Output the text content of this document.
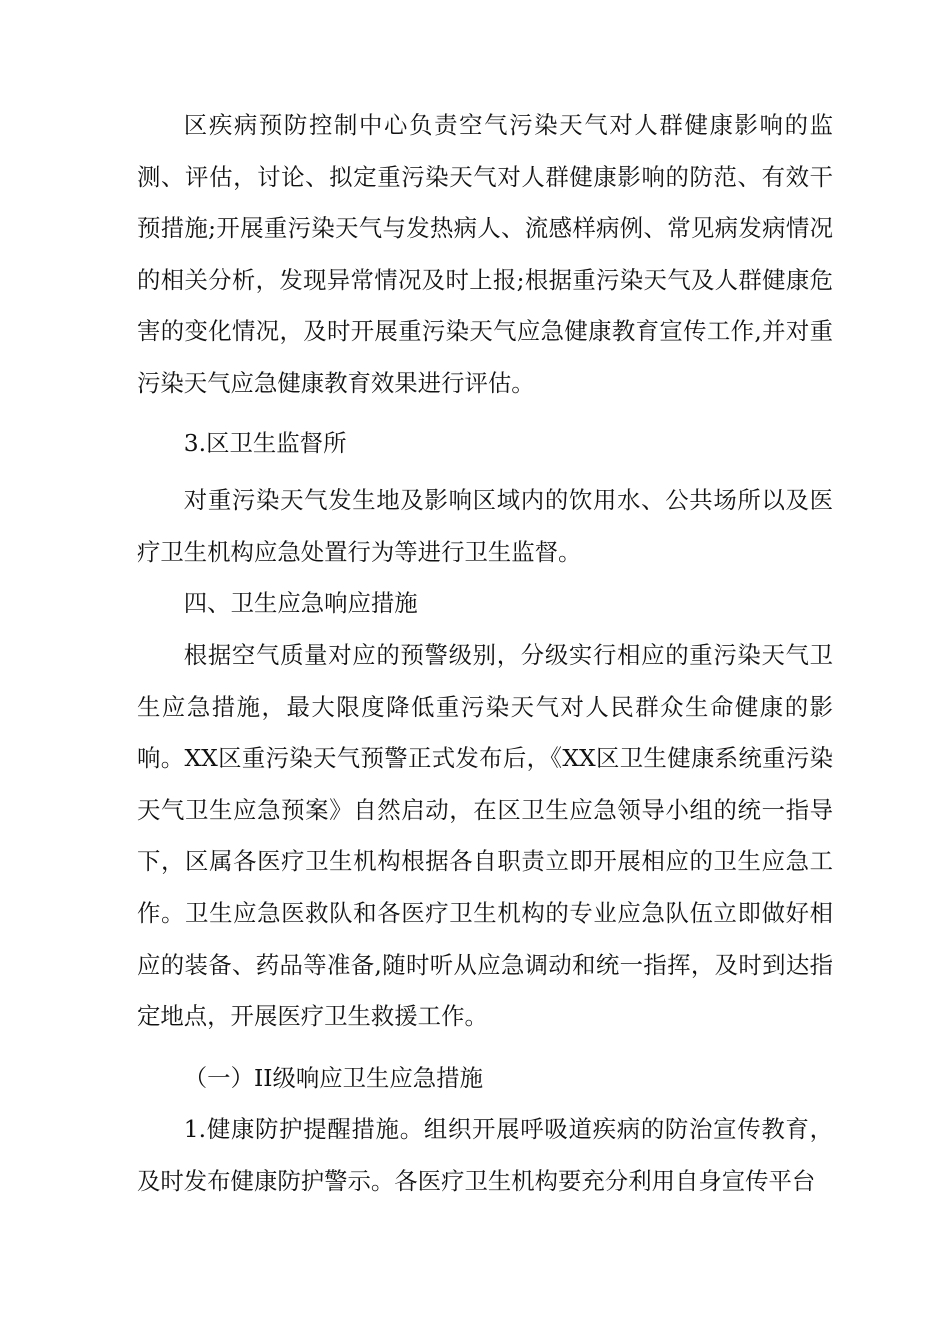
区疾病预防控制中心负责空气污染天气对人群健康影响的监测、评估，讨论、拟定重污染天气对人群健康影响的防范、有效干预措施;开展重污染天气与发热病人、流感样病例、常见病发病情况的相关分析，发现异常情况及时上报;根据重污染天气及人群健康危害的变化情况，及时开展重污染天气应急健康教育宣传工作,并对重污染天气应急健康教育效果进行评估。

3.区卫生监督所

对重污染天气发生地及影响区域内的饮用水、公共场所以及医疗卫生机构应急处置行为等进行卫生监督。

四、卫生应急响应措施

根据空气质量对应的预警级别，分级实行相应的重污染天气卫生应急措施，最大限度降低重污染天气对人民群众生命健康的影响。XX区重污染天气预警正式发布后，《XX区卫生健康系统重污染天气卫生应急预案》自然启动，在区卫生应急领导小组的统一指导下，区属各医疗卫生机构根据各自职责立即开展相应的卫生应急工作。卫生应急医救队和各医疗卫生机构的专业应急队伍立即做好相应的装备、药品等准备,随时听从应急调动和统一指挥，及时到达指定地点，开展医疗卫生救援工作。

（一）II级响应卫生应急措施

1.健康防护提醒措施。组织开展呼吸道疾病的防治宣传教育，及时发布健康防护警示。各医疗卫生机构要充分利用自身宣传平台
